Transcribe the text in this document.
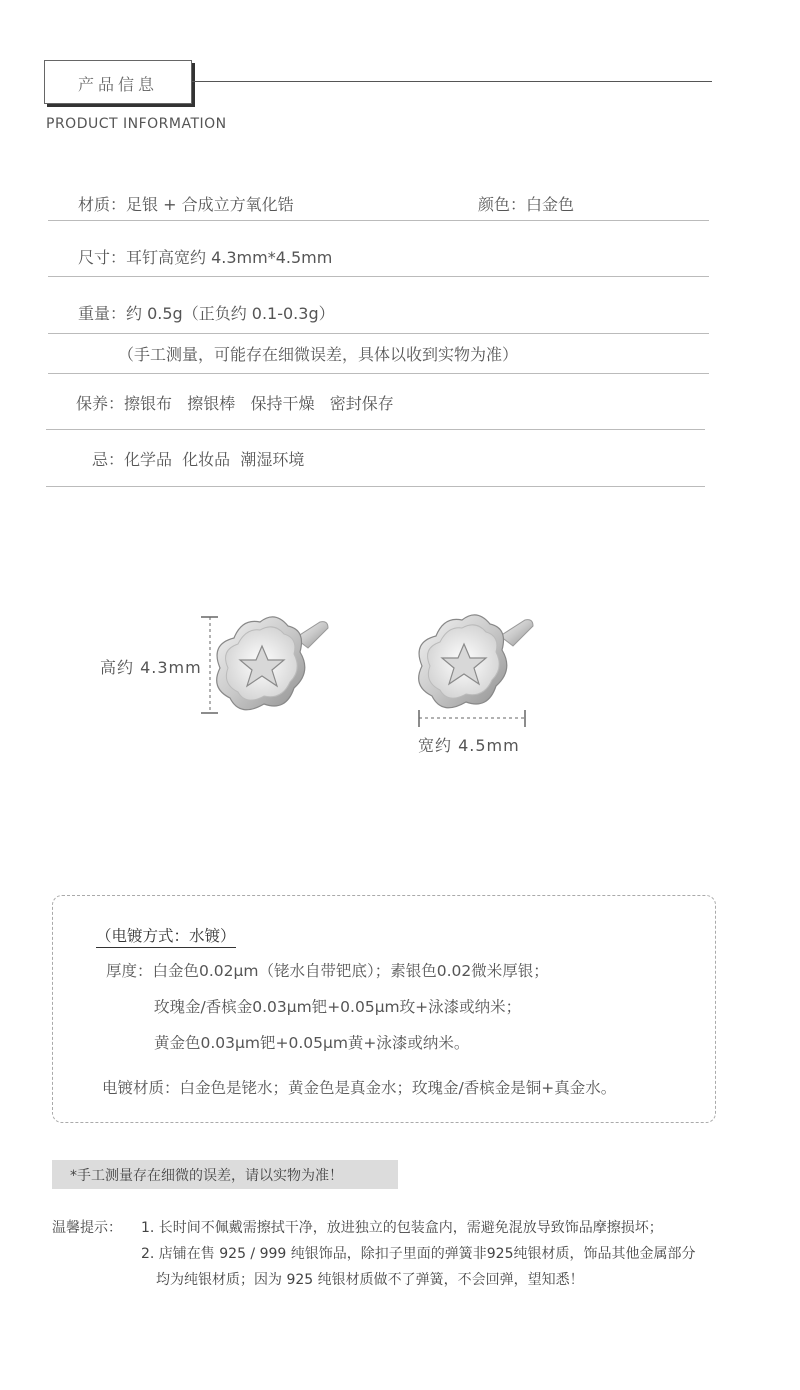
产品信息
PRODUCT INFORMATION
材质：足银 + 合成立方氧化锆	颜色：白金色
尺寸：耳钉高宽约 4.3mm*4.5mm
重量：约 0.5g（正负约 0.1-0.3g）
（手工测量，可能存在细微误差，具体以收到实物为准）
保养：擦银布   擦银棒   保持干燥   密封保存
忌：化学品  化妆品  潮湿环境
高约 4.3mm
宽约 4.5mm
（电镀方式：水镀）
厚度：白金色0.02μm（铑水自带钯底）；素银色0.02微米厚银；
玫瑰金/香槟金0.03μm钯+0.05μm玫+泳漆或纳米；
黄金色0.03μm钯+0.05μm黄+泳漆或纳米。
电镀材质：白金色是铑水；黄金色是真金水；玫瑰金/香槟金是铜+真金水。
*手工测量存在细微的误差，请以实物为准！
温馨提示： 1. 长时间不佩戴需擦拭干净，放进独立的包装盒内，需避免混放导致饰品摩擦损坏；
2. 店铺在售 925 / 999 纯银饰品，除扣子里面的弹簧非925纯银材质，饰品其他金属部分
均为纯银材质；因为 925 纯银材质做不了弹簧，不会回弹，望知悉！
